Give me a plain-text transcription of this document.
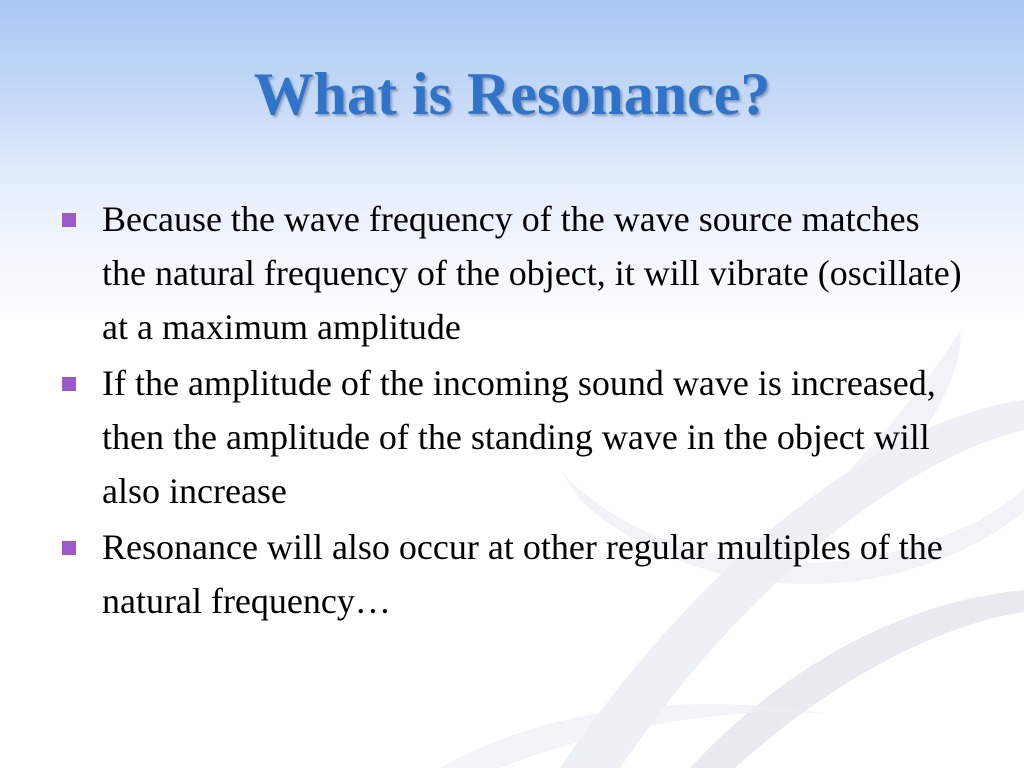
What is Resonance?
Because the wave frequency of the wave source matches the natural frequency of the object, it will vibrate (oscillate) at a maximum amplitude
If the amplitude of the incoming sound wave is increased, then the amplitude of the standing wave in the object will also increase
Resonance will also occur at other regular multiples of the natural frequency…
